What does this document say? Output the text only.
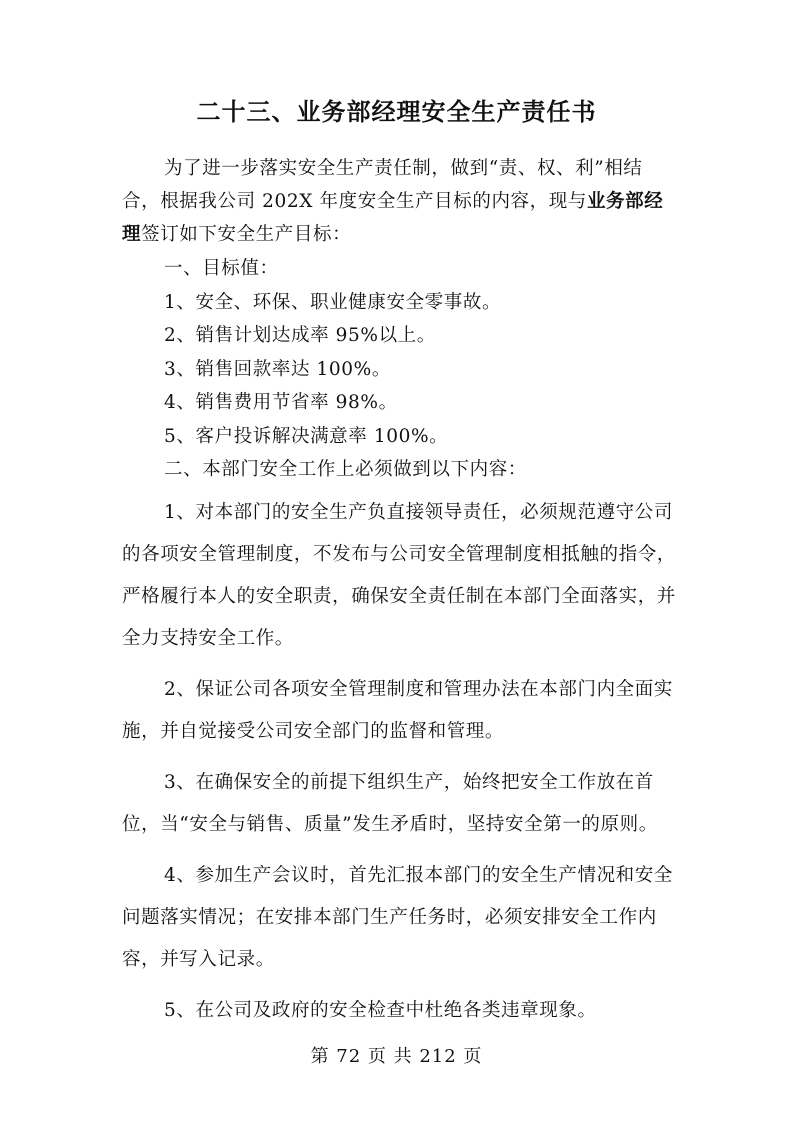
二十三、业务部经理安全生产责任书
为了进一步落实安全生产责任制，做到“责、权、利”相结合，根据我公司 202X 年度安全生产目标的内容，现与业务部经理签订如下安全生产目标：
一、目标值：
1、安全、环保、职业健康安全零事故。
2、销售计划达成率 95%以上。
3、销售回款率达 100%。
4、销售费用节省率 98%。
5、客户投诉解决满意率 100%。
二、本部门安全工作上必须做到以下内容：

1、对本部门的安全生产负直接领导责任，必须规范遵守公司的各项安全管理制度，不发布与公司安全管理制度相抵触的指令，严格履行本人的安全职责，确保安全责任制在本部门全面落实，并全力支持安全工作。

2、保证公司各项安全管理制度和管理办法在本部门内全面实施，并自觉接受公司安全部门的监督和管理。

3、在确保安全的前提下组织生产，始终把安全工作放在首位，当“安全与销售、质量”发生矛盾时，坚持安全第一的原则。

4、参加生产会议时，首先汇报本部门的安全生产情况和安全问题落实情况；在安排本部门生产任务时，必须安排安全工作内容，并写入记录。

5、在公司及政府的安全检查中杜绝各类违章现象。

第 72 页 共 212 页
